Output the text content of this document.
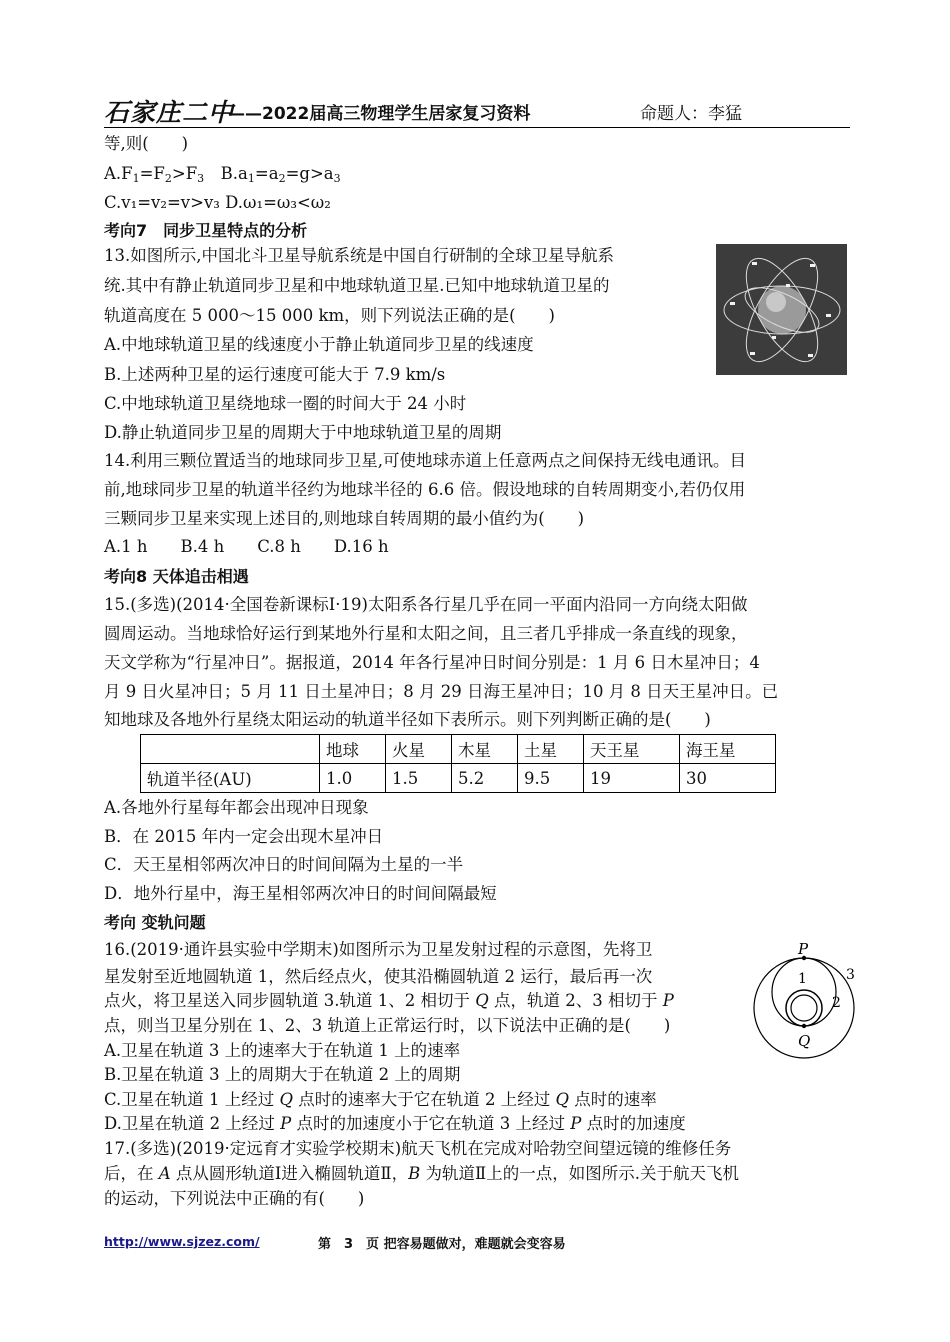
石家庄二中
——2022届高三物理学生居家复习资料	命题人：李猛
等,则(　　)
$A.F_1=F_2>F_3$　$B.a_1=a_2=g>a_3$
C.v₁=v₂=v>v₃ D.ω₁=ω₃<ω₂
考向7　同步卫星特点的分析
13.如图所示,中国北斗卫星导航系统是中国自行研制的全球卫星导航系
统.其中有静止轨道同步卫星和中地球轨道卫星.已知中地球轨道卫星的
轨道高度在 5 000～15 000 km，则下列说法正确的是(　　)
A.中地球轨道卫星的线速度小于静止轨道同步卫星的线速度
B.上述两种卫星的运行速度可能大于 7.9 km/s
C.中地球轨道卫星绕地球一圈的时间大于 24 小时
D.静止轨道同步卫星的周期大于中地球轨道卫星的周期
14.利用三颗位置适当的地球同步卫星,可使地球赤道上任意两点之间保持无线电通讯。目
前,地球同步卫星的轨道半径约为地球半径的 6.6 倍。假设地球的自转周期变小,若仍仅用
三颗同步卫星来实现上述目的,则地球自转周期的最小值约为(　　)
A.1 h　　B.4 h　　C.8 h　　D.16 h
考向8 天体追击相遇
15.(多选)(2014·全国卷新课标Ⅰ·19)太阳系各行星几乎在同一平面内沿同一方向绕太阳做
圆周运动。当地球恰好运行到某地外行星和太阳之间，且三者几乎排成一条直线的现象，
天文学称为“行星冲日”。据报道，2014 年各行星冲日时间分别是：1 月 6 日木星冲日；4
月 9 日火星冲日；5 月 11 日土星冲日；8 月 29 日海王星冲日；10 月 8 日天王星冲日。已
知地球及各地外行星绕太阳运动的轨道半径如下表所示。则下列判断正确的是(　　)
	地球	火星	木星	土星	天王星	海王星
轨道半径(AU)	1.0	1.5	5.2	9.5	19	30
A.各地外行星每年都会出现冲日现象
B．在 2015 年内一定会出现木星冲日
C．天王星相邻两次冲日的时间间隔为土星的一半
D．地外行星中，海王星相邻两次冲日的时间间隔最短
考向 变轨问题
16.(2019·通许县实验中学期末)如图所示为卫星发射过程的示意图，先将卫
星发射至近地圆轨道 1，然后经点火，使其沿椭圆轨道 2 运行，最后再一次
点火，将卫星送入同步圆轨道 3.轨道 1、2 相切于 Q 点，轨道 2、3 相切于 P
点，则当卫星分别在 1、2、3 轨道上正常运行时，以下说法中正确的是(　　)
A.卫星在轨道 3 上的速率大于在轨道 1 上的速率
B.卫星在轨道 3 上的周期大于在轨道 2 上的周期
C.卫星在轨道 1 上经过 Q 点时的速率大于它在轨道 2 上经过 Q 点时的速率
D.卫星在轨道 2 上经过 P 点时的加速度小于它在轨道 3 上经过 P 点时的加速度
P
Q
1
2
3
17.(多选)(2019·定远育才实验学校期末)航天飞机在完成对哈勃空间望远镜的维修任务
后，在 A 点从圆形轨道Ⅰ进入椭圆轨道Ⅱ，B 为轨道Ⅱ上的一点，如图所示.关于航天飞机
的运动，下列说法中正确的有(　　)
http://www.sjzez.com/	第　3　页 把容易题做对，难题就会变容易
